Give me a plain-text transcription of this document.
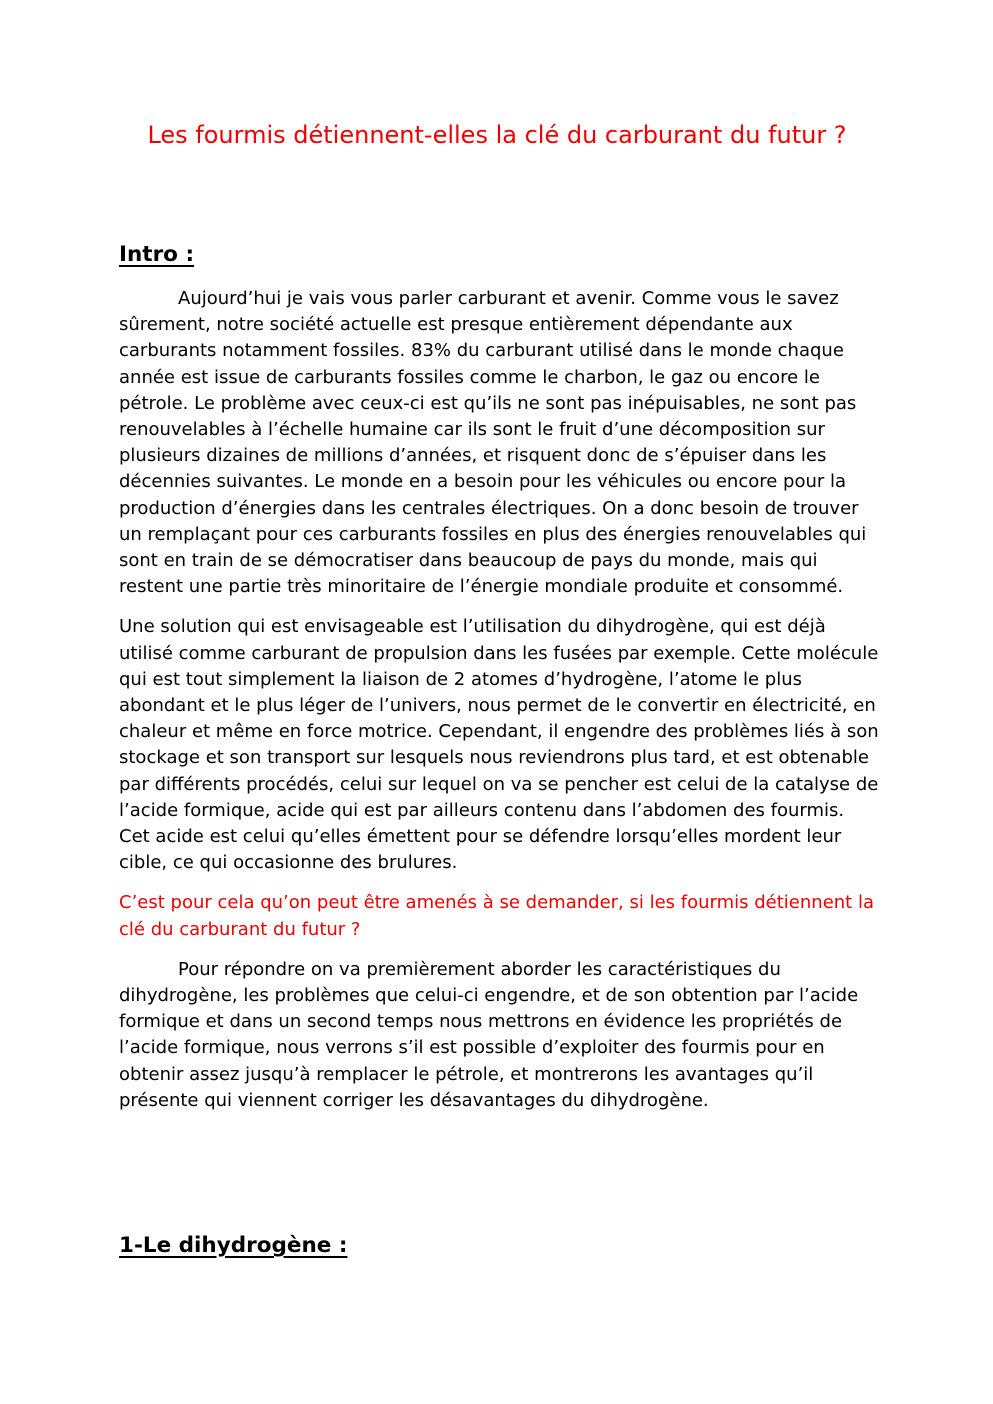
Les fourmis détiennent-elles la clé du carburant du futur ?
Intro :

Aujourd’hui je vais vous parler carburant et avenir. Comme vous le savez sûrement, notre société actuelle est presque entièrement dépendante aux carburants notamment fossiles. 83% du carburant utilisé dans le monde chaque année est issue de carburants fossiles comme le charbon, le gaz ou encore le pétrole. Le problème avec ceux-ci est qu’ils ne sont pas inépuisables, ne sont pas renouvelables à l’échelle humaine car ils sont le fruit d’une décomposition sur plusieurs dizaines de millions d’années, et risquent donc de s’épuiser dans les décennies suivantes. Le monde en a besoin pour les véhicules ou encore pour la production d’énergies dans les centrales électriques. On a donc besoin de trouver un remplaçant pour ces carburants fossiles en plus des énergies renouvelables qui sont en train de se démocratiser dans beaucoup de pays du monde, mais qui restent une partie très minoritaire de l’énergie mondiale produite et consommé.

Une solution qui est envisageable est l’utilisation du dihydrogène, qui est déjà utilisé comme carburant de propulsion dans les fusées par exemple. Cette molécule qui est tout simplement la liaison de 2 atomes d’hydrogène, l’atome le plus abondant et le plus léger de l’univers, nous permet de le convertir en électricité, en chaleur et même en force motrice. Cependant, il engendre des problèmes liés à son stockage et son transport sur lesquels nous reviendrons plus tard, et est obtenable par différents procédés, celui sur lequel on va se pencher est celui de la catalyse de l’acide formique, acide qui est par ailleurs contenu dans l’abdomen des fourmis. Cet acide est celui qu’elles émettent pour se défendre lorsqu’elles mordent leur cible, ce qui occasionne des brulures.

C’est pour cela qu’on peut être amenés à se demander, si les fourmis détiennent la clé du carburant du futur ?

Pour répondre on va premièrement aborder les caractéristiques du dihydrogène, les problèmes que celui-ci engendre, et de son obtention par l’acide formique et dans un second temps nous mettrons en évidence les propriétés de l’acide formique, nous verrons s’il est possible d’exploiter des fourmis pour en obtenir assez jusqu’à remplacer le pétrole, et montrerons les avantages qu’il présente qui viennent corriger les désavantages du dihydrogène.

1-Le dihydrogène :
